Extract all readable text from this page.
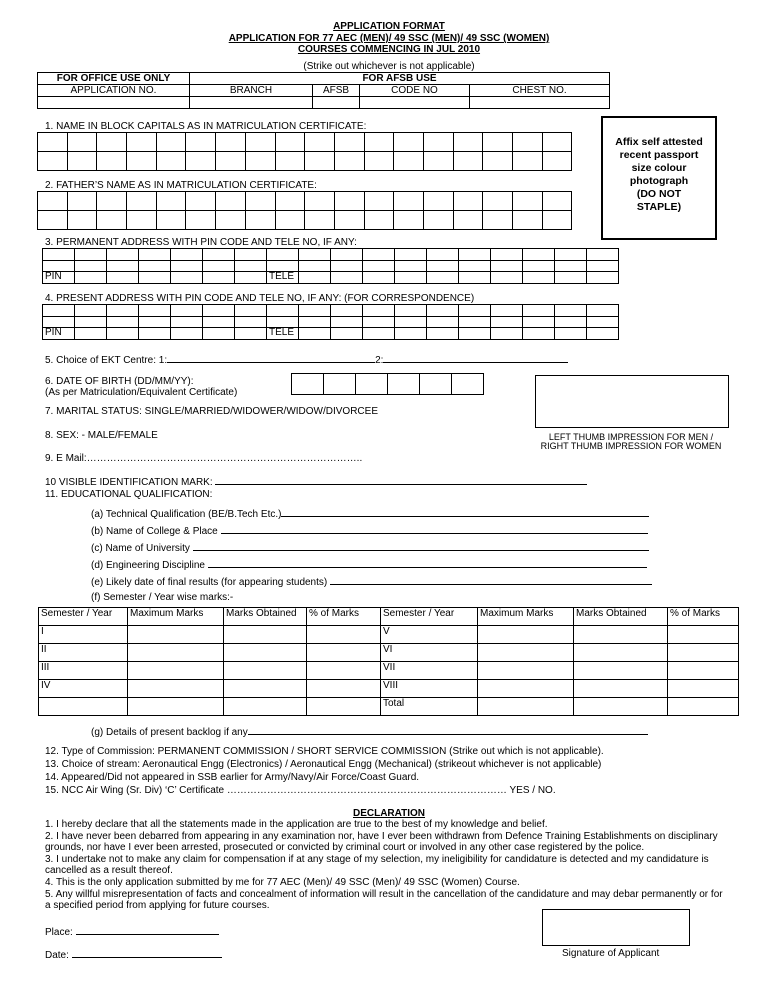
APPLICATION FORMAT
APPLICATION FOR 77 AEC (MEN)/ 49 SSC (MEN)/ 49 SSC (WOMEN)
COURSES COMMENCING IN JUL 2010
(Strike out whichever is not applicable)
FOR OFFICE USE ONLY	FOR AFSB USE			
APPLICATION NO.	BRANCH	AFSB	CODE NO	CHEST NO.

Affix self attested
recent passport
size colour
photograph
(DO NOT
STAPLE)
1. NAME IN BLOCK CAPITALS AS IN MATRICULATION CERTIFICATE:
2. FATHER’S NAME AS IN MATRICULATION CERTIFICATE:
3. PERMANENT ADDRESS WITH PIN CODE AND TELE NO, IF ANY:
PIN	TELE
4. PRESENT ADDRESS WITH PIN CODE AND TELE NO, IF ANY: (FOR CORRESPONDENCE)
PIN	TELE
5. Choice of EKT Centre: 1:	2:
6. DATE OF BIRTH (DD/MM/YY):
(As per Matriculation/Equivalent Certificate)
LEFT THUMB IMPRESSION FOR MEN /
RIGHT THUMB IMPRESSION FOR WOMEN
7. MARITAL STATUS: SINGLE/MARRIED/WIDOWER/WIDOW/DIVORCEE
8. SEX: - MALE/FEMALE
9. E Mail:………………………………………………………………………..
10 VISIBLE IDENTIFICATION MARK:
11. EDUCATIONAL QUALIFICATION:
(a) Technical Qualification (BE/B.Tech Etc.)
(b) Name of College & Place
(c) Name of University
(d) Engineering Discipline
(e) Likely date of final results (for appearing students)
(f) Semester / Year wise marks:-
Semester / Year	Maximum Marks	Marks Obtained	% of Marks	Semester / Year	Maximum Marks	Marks Obtained	% of Marks
I				V			
II				VI			
III				VII			
IV				VIII			
				Total			
(g) Details of present backlog if any
12. Type of Commission: PERMANENT COMMISSION / SHORT SERVICE COMMISSION (Strike out which is not applicable).
13. Choice of stream: Aeronautical Engg (Electronics) / Aeronautical Engg (Mechanical) (strikeout whichever is not applicable)
14. Appeared/Did not appeared in SSB earlier for Army/Navy/Air Force/Coast Guard.
15. NCC Air Wing (Sr. Div) ‘C’ Certificate ………………………………………………………………………… YES / NO.
DECLARATION
1. I hereby declare that all the statements made in the application are true to the best of my knowledge and belief.
2. I have never been debarred from appearing in any examination nor, have I ever been withdrawn from Defence Training Establishments on disciplinary
grounds, nor have I ever been arrested, prosecuted or convicted by criminal court or involved in any other case registered by the police.
3. I undertake not to make any claim for compensation if at any stage of my selection, my ineligibility for candidature is detected and my candidature is
cancelled as a result thereof.
4. This is the only application submitted by me for 77 AEC (Men)/ 49 SSC (Men)/ 49 SSC (Women) Course.
5. Any willful misrepresentation of facts and concealment of information will result in the cancellation of the candidature and may debar permanently or for
a specified period from applying for future courses.
Place:
Date:	Signature of Applicant
